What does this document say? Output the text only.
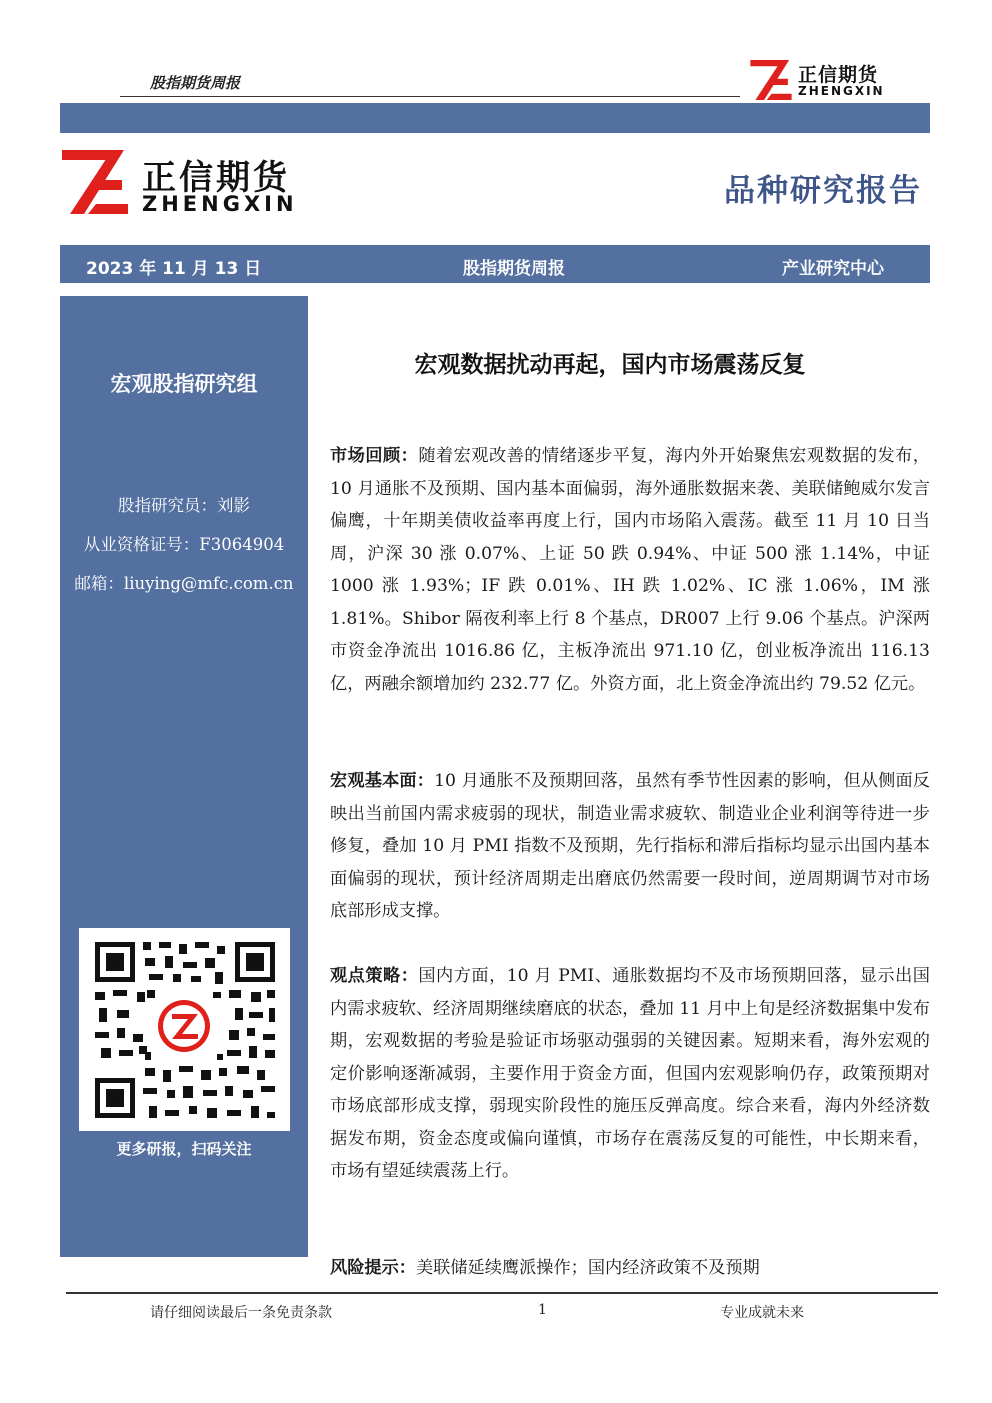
股指期货周报	正信期货
ZHENGXIN
正信期货
ZHENGXIN	品种研究报告
2023 年 11 月 13 日	股指期货周报	产业研究中心
宏观股指研究组
股指研究员：刘影
从业资格证号：F3064904
邮箱：liuying@mfc.com.cn
更多研报，扫码关注
宏观数据扰动再起，国内市场震荡反复
市场回顾：随着宏观改善的情绪逐步平复，海内外开始聚焦宏观数据的发布，10 月通胀不及预期、国内基本面偏弱，海外通胀数据来袭、美联储鲍威尔发言偏鹰，十年期美债收益率再度上行，国内市场陷入震荡。截至 11 月 10 日当周，沪深 30 涨 0.07%、上证 50 跌 0.94%、中证 500 涨 1.14%，中证 1000 涨 1.93%；IF 跌 0.01%、IH 跌 1.02%、IC 涨 1.06%，IM 涨 1.81%。Shibor 隔夜利率上行 8 个基点，DR007 上行 9.06 个基点。沪深两市资金净流出 1016.86 亿，主板净流出 971.10 亿，创业板净流出 116.13 亿，两融余额增加约 232.77 亿。外资方面，北上资金净流出约 79.52 亿元。
宏观基本面：10 月通胀不及预期回落，虽然有季节性因素的影响，但从侧面反映出当前国内需求疲弱的现状，制造业需求疲软、制造业企业利润等待进一步修复，叠加 10 月 PMI 指数不及预期，先行指标和滞后指标均显示出国内基本面偏弱的现状，预计经济周期走出磨底仍然需要一段时间，逆周期调节对市场底部形成支撑。
观点策略：国内方面，10 月 PMI、通胀数据均不及市场预期回落，显示出国内需求疲软、经济周期继续磨底的状态，叠加 11 月中上旬是经济数据集中发布期，宏观数据的考验是验证市场驱动强弱的关键因素。短期来看，海外宏观的定价影响逐渐减弱，主要作用于资金方面，但国内宏观影响仍存，政策预期对市场底部形成支撑，弱现实阶段性的施压反弹高度。综合来看，海内外经济数据发布期，资金态度或偏向谨慎，市场存在震荡反复的可能性，中长期来看，市场有望延续震荡上行。
风险提示：美联储延续鹰派操作；国内经济政策不及预期
请仔细阅读最后一条免责条款	1	专业成就未来
